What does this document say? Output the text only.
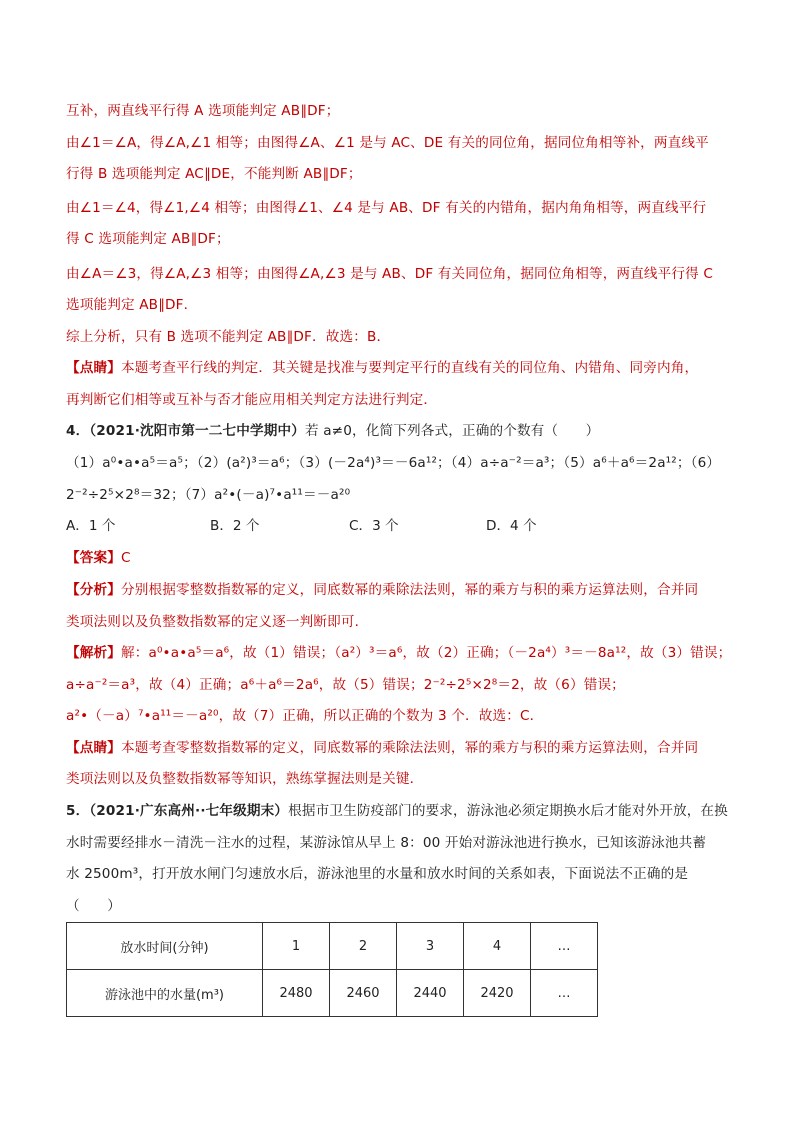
互补，两直线平行得 A 选项能判定 AB∥DF；
由∠1＝∠A，得∠A,∠1 相等；由图得∠A、∠1 是与 AC、DE 有关的同位角，据同位角相等补，两直线平
行得 B 选项能判定 AC∥DE，不能判断 AB∥DF；
由∠1＝∠4，得∠1,∠4 相等；由图得∠1、∠4 是与 AB、DF 有关的内错角，据内角角相等，两直线平行
得 C 选项能判定 AB∥DF；
由∠A＝∠3，得∠A,∠3 相等；由图得∠A,∠3 是与 AB、DF 有关同位角，据同位角相等，两直线平行得 C
选项能判定 AB∥DF．
综上分析，只有 B 选项不能判定 AB∥DF．故选：B．
【点睛】本题考查平行线的判定．其关键是找准与要判定平行的直线有关的同位角、内错角、同旁内角，
再判断它们相等或互补与否才能应用相关判定方法进行判定．
4．（2021·沈阳市第一二七中学期中）若 a≠0，化简下列各式，正确的个数有（　　）
（1）a⁰•a•a⁵＝a⁵；（2）(a²)³＝a⁶；（3）(－2a⁴)³＝－6a¹²；（4）a÷a⁻²＝a³；（5）a⁶＋a⁶＝2a¹²；（6）
2⁻²÷2⁵×2⁸＝32；（7）a²•(－a)⁷•a¹¹＝－a²⁰
A．1 个	B．2 个	C．3 个	D．4 个
【答案】C
【分析】分别根据零整数指数幂的定义，同底数幂的乘除法法则，幂的乘方与积的乘方运算法则，合并同
类项法则以及负整数指数幂的定义逐一判断即可．
【解析】解：a⁰•a•a⁵＝a⁶，故（1）错误；（a²）³＝a⁶，故（2）正确；（－2a⁴）³＝－8a¹²，故（3）错误；
a÷a⁻²＝a³，故（4）正确；a⁶＋a⁶＝2a⁶，故（5）错误；2⁻²÷2⁵×2⁸＝2，故（6）错误；
a²•（－a）⁷•a¹¹＝－a²⁰，故（7）正确，所以正确的个数为 3 个．故选：C．
【点睛】本题考查零整数指数幂的定义，同底数幂的乘除法法则，幂的乘方与积的乘方运算法则，合并同
类项法则以及负整数指数幂等知识，熟练掌握法则是关键．
5．（2021·广东高州··七年级期末）根据市卫生防疫部门的要求，游泳池必须定期换水后才能对外开放，在换
水时需要经排水－清洗－注水的过程，某游泳馆从早上 8：00 开始对游泳池进行换水，已知该游泳池共蓄
水 2500m³，打开放水闸门匀速放水后，游泳池里的水量和放水时间的关系如表，下面说法不正确的是
（　　）
放水时间(分钟)	1	2	3	4	…
游泳池中的水量(m³)	2480	2460	2440	2420	…
